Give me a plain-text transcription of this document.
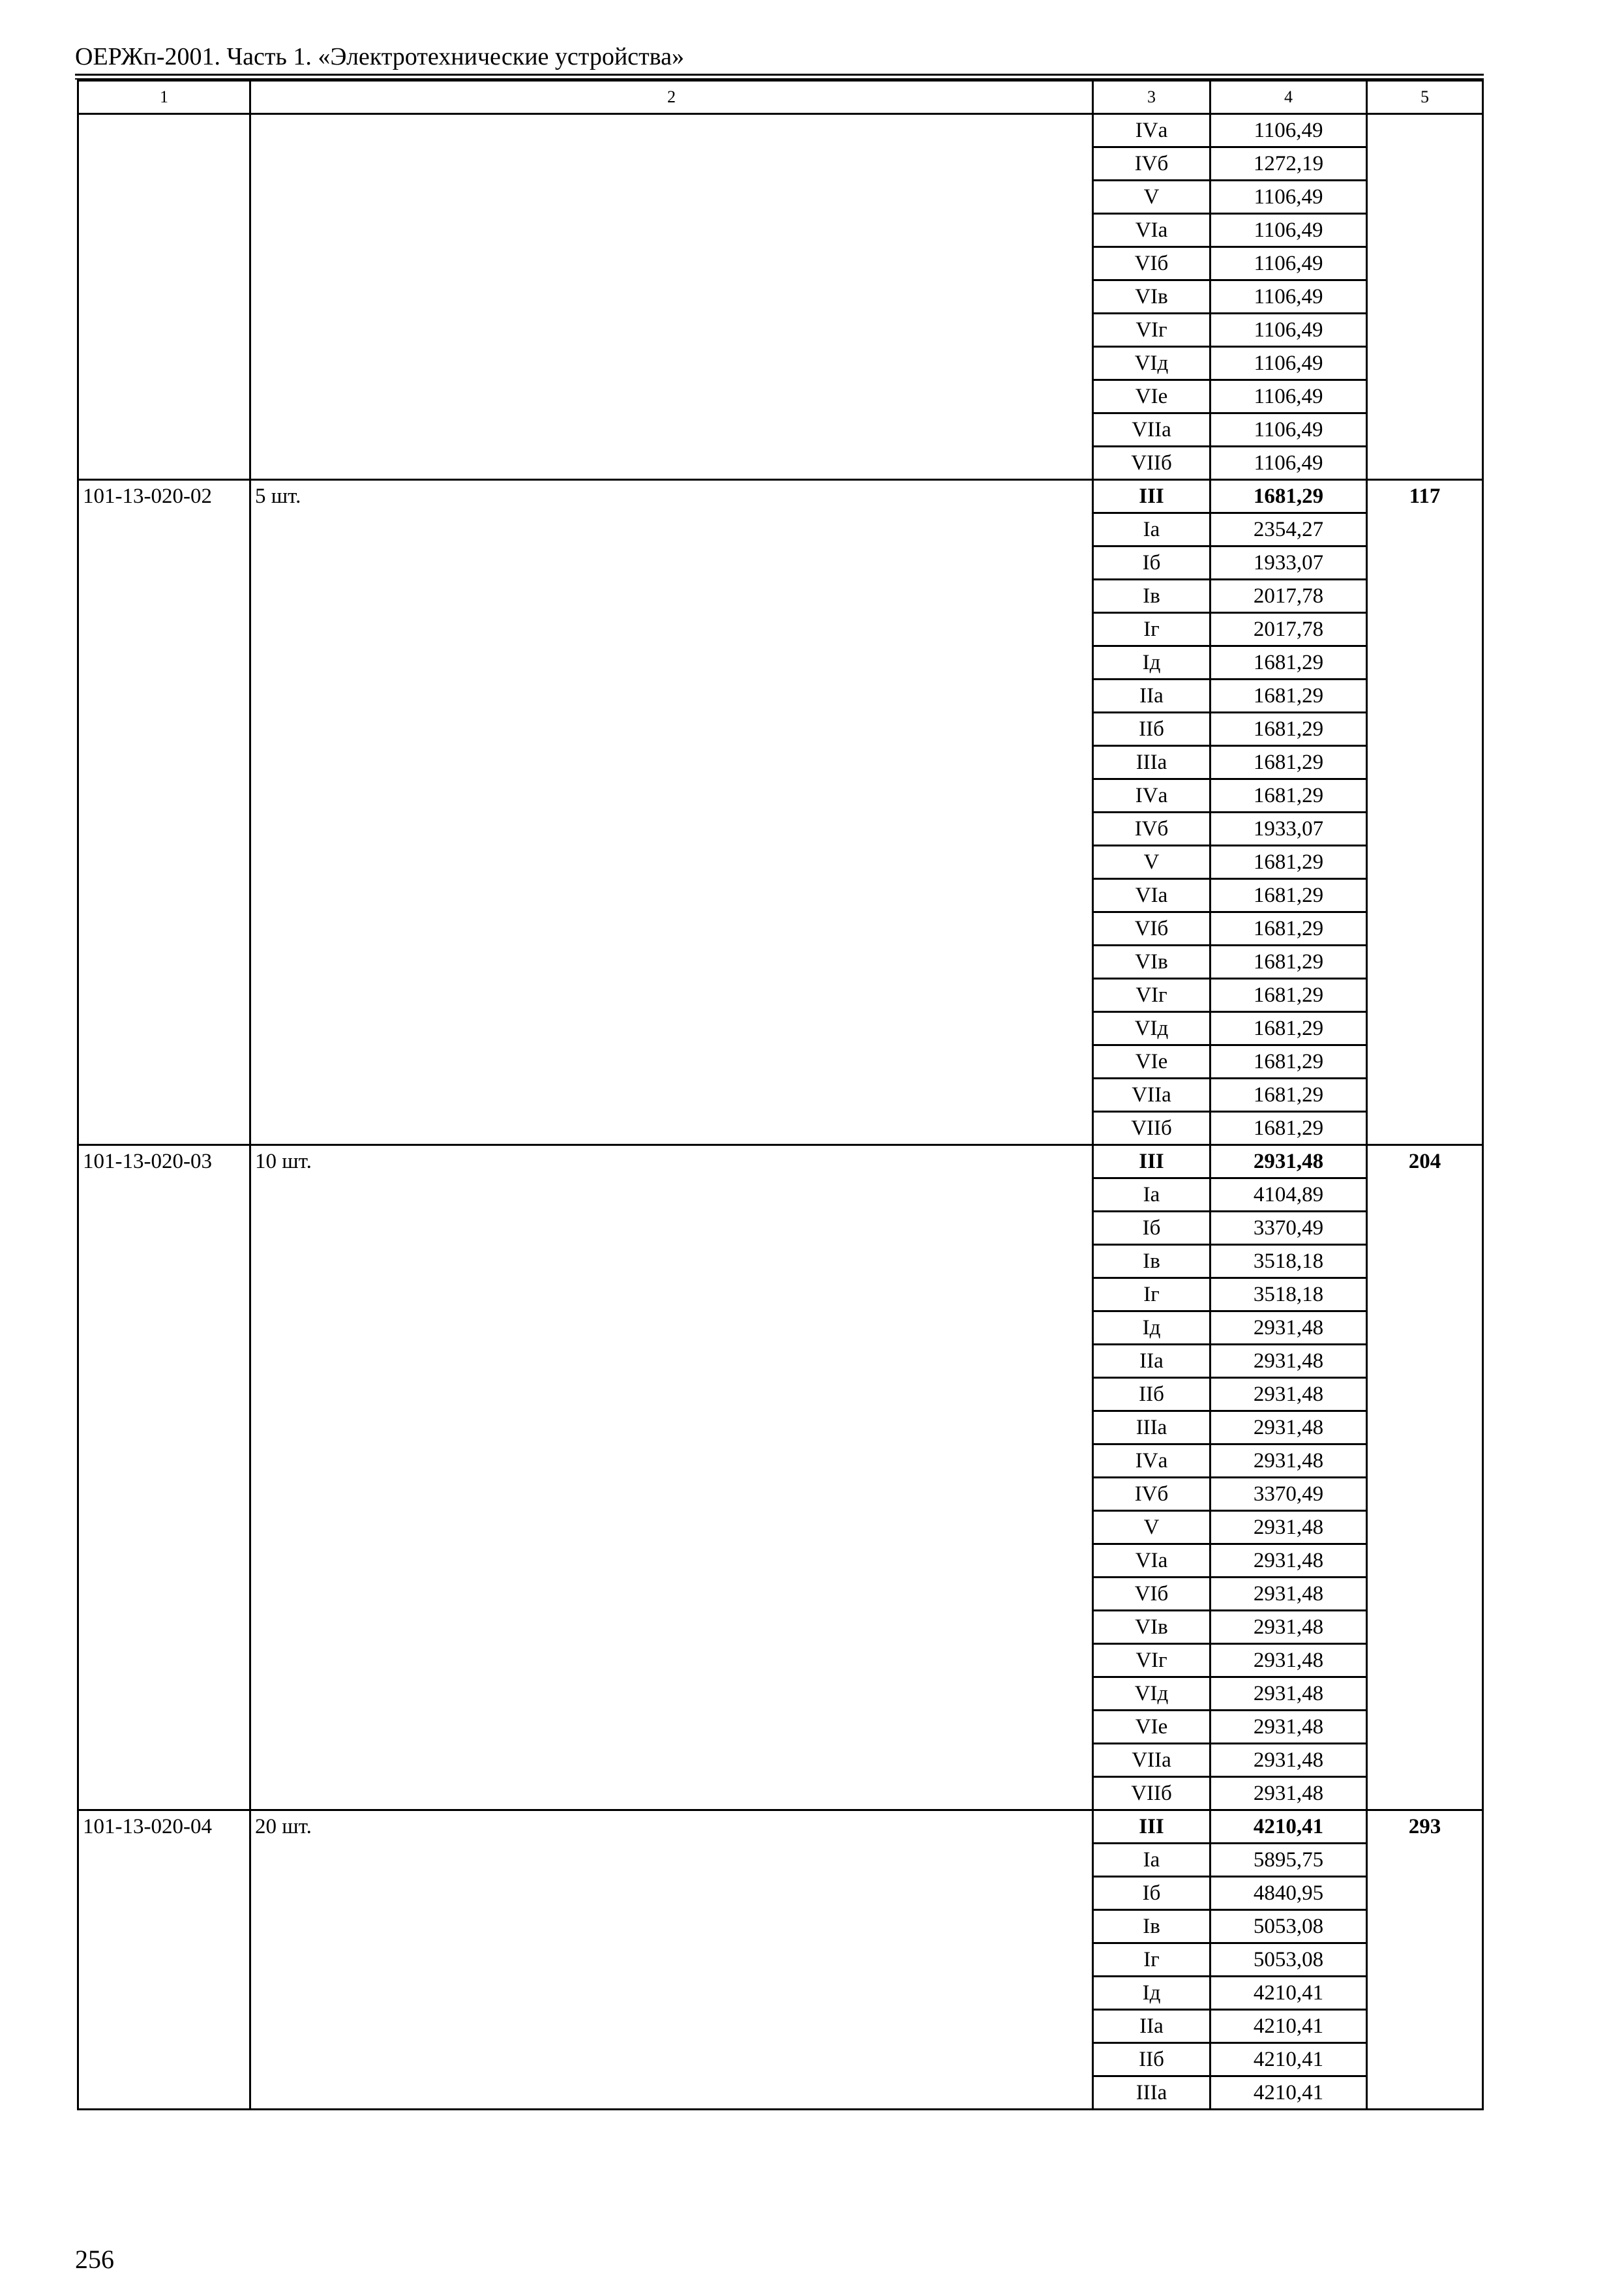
ОЕРЖп-2001. Часть 1. «Электротехнические устройства»
1	2	3	4	5
		IVа	1106,49	
		IVб	1272,19	
		V	1106,49	
		VIа	1106,49	
		VIб	1106,49	
		VIв	1106,49	
		VIг	1106,49	
		VIд	1106,49	
		VIе	1106,49	
		VIIа	1106,49	
		VIIб	1106,49	
101-13-020-02	5 шт.	III	1681,29	117
		Iа	2354,27	
		Iб	1933,07	
		Iв	2017,78	
		Iг	2017,78	
		Iд	1681,29	
		IIа	1681,29	
		IIб	1681,29	
		IIIа	1681,29	
		IVа	1681,29	
		IVб	1933,07	
		V	1681,29	
		VIа	1681,29	
		VIб	1681,29	
		VIв	1681,29	
		VIг	1681,29	
		VIд	1681,29	
		VIе	1681,29	
		VIIа	1681,29	
		VIIб	1681,29	
101-13-020-03	10 шт.	III	2931,48	204
		Iа	4104,89	
		Iб	3370,49	
		Iв	3518,18	
		Iг	3518,18	
		Iд	2931,48	
		IIа	2931,48	
		IIб	2931,48	
		IIIа	2931,48	
		IVа	2931,48	
		IVб	3370,49	
		V	2931,48	
		VIа	2931,48	
		VIб	2931,48	
		VIв	2931,48	
		VIг	2931,48	
		VIд	2931,48	
		VIе	2931,48	
		VIIа	2931,48	
		VIIб	2931,48	
101-13-020-04	20 шт.	III	4210,41	293
		Iа	5895,75	
		Iб	4840,95	
		Iв	5053,08	
		Iг	5053,08	
		Iд	4210,41	
		IIа	4210,41	
		IIб	4210,41	
		IIIа	4210,41	
256
